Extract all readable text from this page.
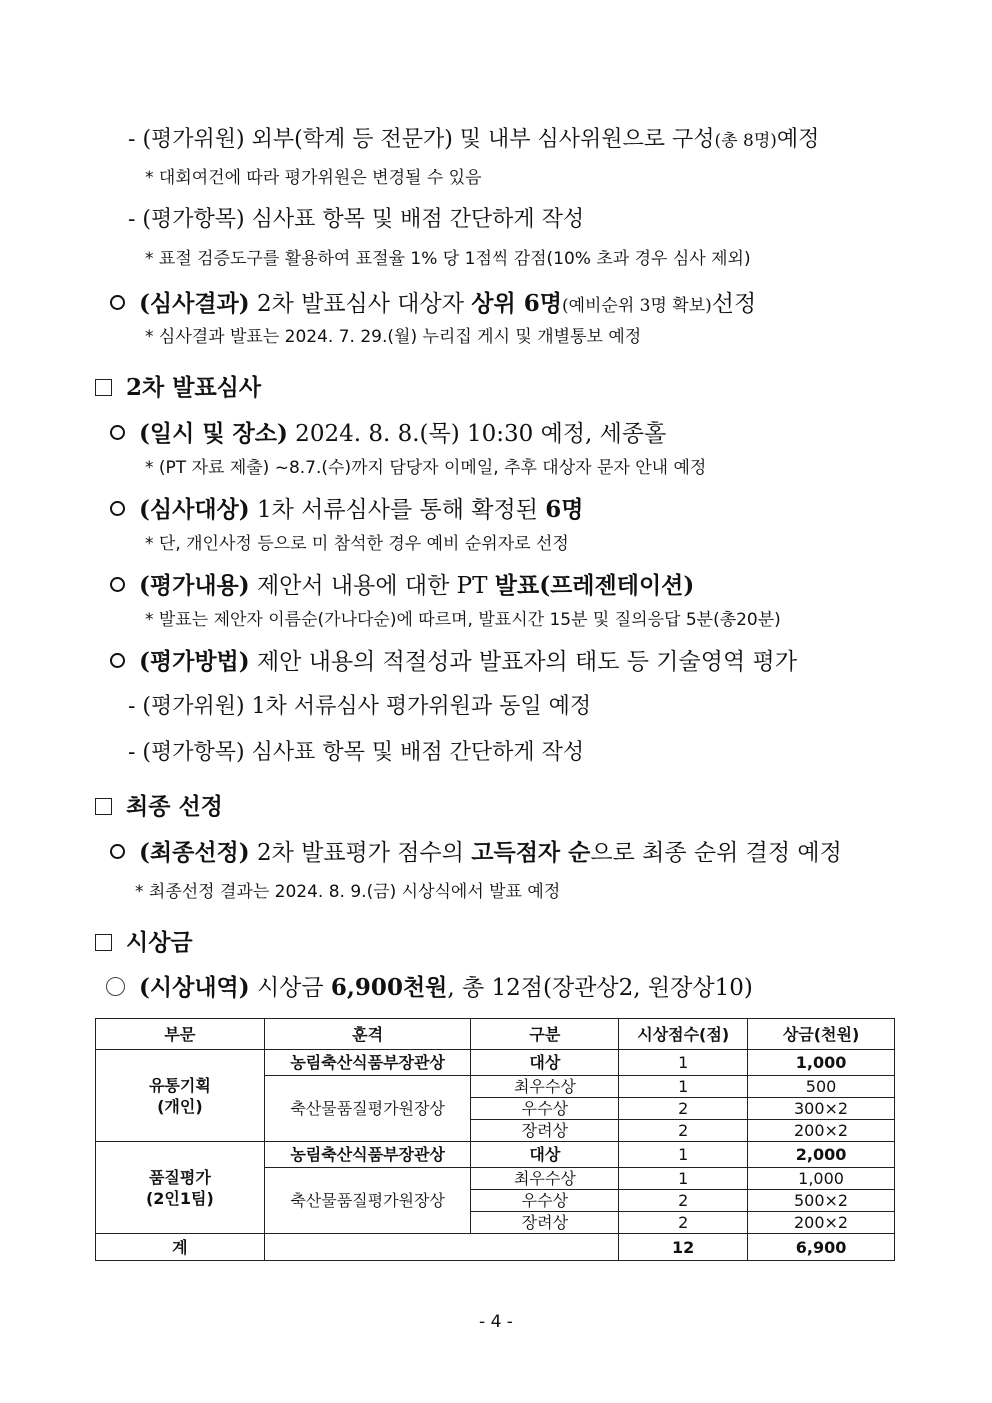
- (평가위원) 외부(학계 등 전문가) 및 내부 심사위원으로 구성(총 8명)예정
* 대회여건에 따라 평가위원은 변경될 수 있음
- (평가항목) 심사표 항목 및 배점 간단하게 작성
* 표절 검증도구를 활용하여 표절율 1% 당 1점씩 감점(10% 초과 경우 심사 제외)
(심사결과) 2차 발표심사 대상자 상위 6명(예비순위 3명 확보)선정
* 심사결과 발표는 2024. 7. 29.(월) 누리집 게시 및 개별통보 예정
2차 발표심사
(일시 및 장소) 2024. 8. 8.(목) 10:30 예정, 세종홀
* (PT 자료 제출) ~8.7.(수)까지 담당자 이메일, 추후 대상자 문자 안내 예정
(심사대상) 1차 서류심사를 통해 확정된 6명
* 단, 개인사정 등으로 미 참석한 경우 예비 순위자로 선정
(평가내용) 제안서 내용에 대한 PT 발표(프레젠테이션)
* 발표는 제안자 이름순(가나다순)에 따르며, 발표시간 15분 및 질의응답 5분(총20분)
(평가방법) 제안 내용의 적절성과 발표자의 태도 등 기술영역 평가
- (평가위원) 1차 서류심사 평가위원과 동일 예정
- (평가항목) 심사표 항목 및 배점 간단하게 작성
최종 선정
(최종선정) 2차 발표평가 점수의 고득점자 순으로 최종 순위 결정 예정
* 최종선정 결과는 2024. 8. 9.(금) 시상식에서 발표 예정
시상금
(시상내역) 시상금 6,900천원, 총 12점(장관상2, 원장상10)
부문	훈격	구분	시상점수(점)	상금(천원)
유통기획
(개인)	농림축산식품부장관상	대상	1	1,000
	축산물품질평가원장상	최우수상	1	500
		우수상	2	300×2
		장려상	2	200×2
품질평가
(2인1팀)	농림축산식품부장관상	대상	1	2,000
	축산물품질평가원장상	최우수상	1	1,000
		우수상	2	500×2
		장려상	2	200×2
계			12	6,900
- 4 -
